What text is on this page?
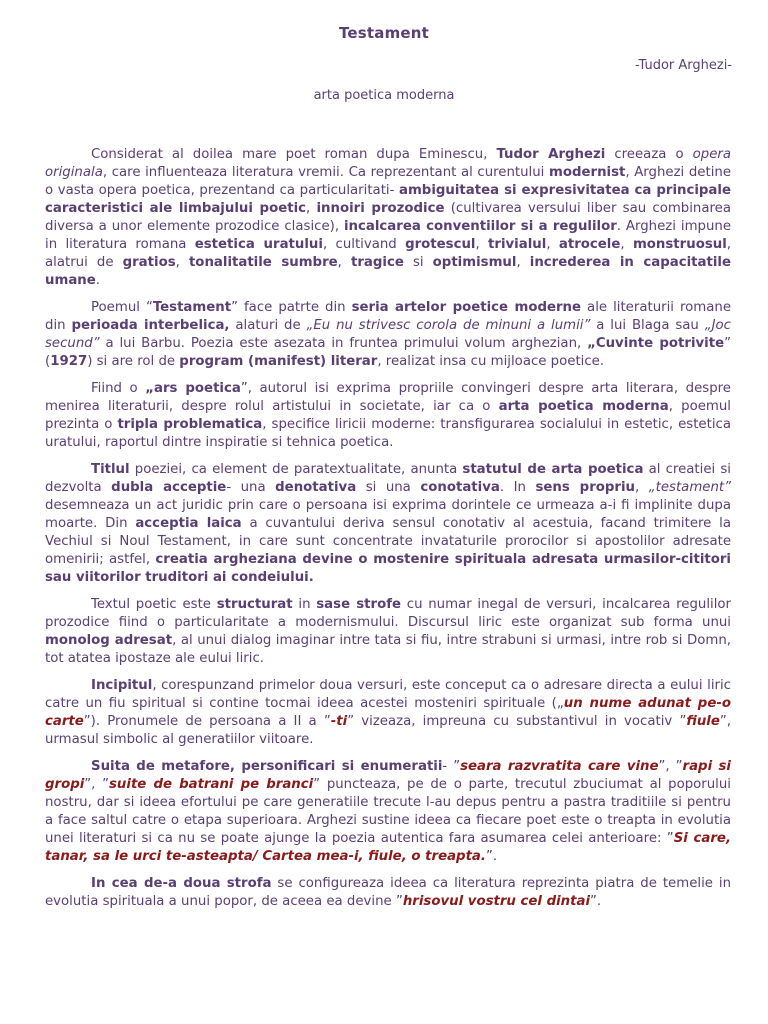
Testament
-Tudor Arghezi-
arta poetica moderna

Considerat al doilea mare poet roman dupa Eminescu, Tudor Arghezi creeaza o opera originala, care influenteaza literatura vremii. Ca reprezentant al curentului modernist, Arghezi detine o vasta opera poetica, prezentand ca particularitati- ambiguitatea si expresivitatea ca principale caracteristici ale limbajului poetic, innoiri prozodice (cultivarea versului liber sau combinarea diversa a unor elemente prozodice clasice), incalcarea conventiilor si a regulilor. Arghezi impune in literatura romana estetica uratului, cultivand grotescul, trivialul, atrocele, monstruosul, alatrui de gratios, tonalitatile sumbre, tragice si optimismul, increderea in capacitatile umane.

Poemul “Testament” face patrte din seria artelor poetice moderne ale literaturii romane din perioada interbelica, alaturi de „Eu nu strivesc corola de minuni a lumii” a lui Blaga sau „Joc secund” a lui Barbu. Poezia este asezata in fruntea primului volum arghezian, „Cuvinte potrivite” (1927) si are rol de program (manifest) literar, realizat insa cu mijloace poetice.

Fiind o „ars poetica”, autorul isi exprima propriile convingeri despre arta literara, despre menirea literaturii, despre rolul artistului in societate, iar ca o arta poetica moderna, poemul prezinta o tripla problematica, specifice liricii moderne: transfigurarea socialului in estetic, estetica uratului, raportul dintre inspiratie si tehnica poetica.

Titlul poeziei, ca element de paratextualitate, anunta statutul de arta poetica al creatiei si dezvolta dubla acceptie- una denotativa si una conotativa. In sens propriu, „testament” desemneaza un act juridic prin care o persoana isi exprima dorintele ce urmeaza a-i fi implinite dupa moarte. Din acceptia laica a cuvantului deriva sensul conotativ al acestuia, facand trimitere la Vechiul si Noul Testament, in care sunt concentrate invataturile prorocilor si apostolilor adresate omenirii; astfel, creatia argheziana devine o mostenire spirituala adresata urmasilor-cititori sau viitorilor truditori ai condeiului.

Textul poetic este structurat in sase strofe cu numar inegal de versuri, incalcarea regulilor prozodice fiind o particularitate a modernismului. Discursul liric este organizat sub forma unui monolog adresat, al unui dialog imaginar intre tata si fiu, intre strabuni si urmasi, intre rob si Domn, tot atatea ipostaze ale eului liric.

Incipitul, corespunzand primelor doua versuri, este conceput ca o adresare directa a eului liric catre un fiu spiritual si contine tocmai ideea acestei mosteniri spirituale („un nume adunat pe-o carte”). Pronumele de persoana a II a ”-ti” vizeaza, impreuna cu substantivul in vocativ ”fiule”, urmasul simbolic al generatiilor viitoare.

Suita de metafore, personificari si enumeratii- ”seara razvratita care vine”, ”rapi si gropi”, ”suite de batrani pe branci” puncteaza, pe de o parte, trecutul zbuciumat al poporului nostru, dar si ideea efortului pe care generatiile trecute l-au depus pentru a pastra traditiile si pentru a face saltul catre o etapa superioara. Arghezi sustine ideea ca fiecare poet este o treapta in evolutia unei literaturi si ca nu se poate ajunge la poezia autentica fara asumarea celei anterioare: ”Si care, tanar, sa le urci te-asteapta/ Cartea mea-i, fiule, o treapta.”.

In cea de-a doua strofa se configureaza ideea ca literatura reprezinta piatra de temelie in evolutia spirituala a unui popor, de aceea ea devine ”hrisovul vostru cel dintai”.
